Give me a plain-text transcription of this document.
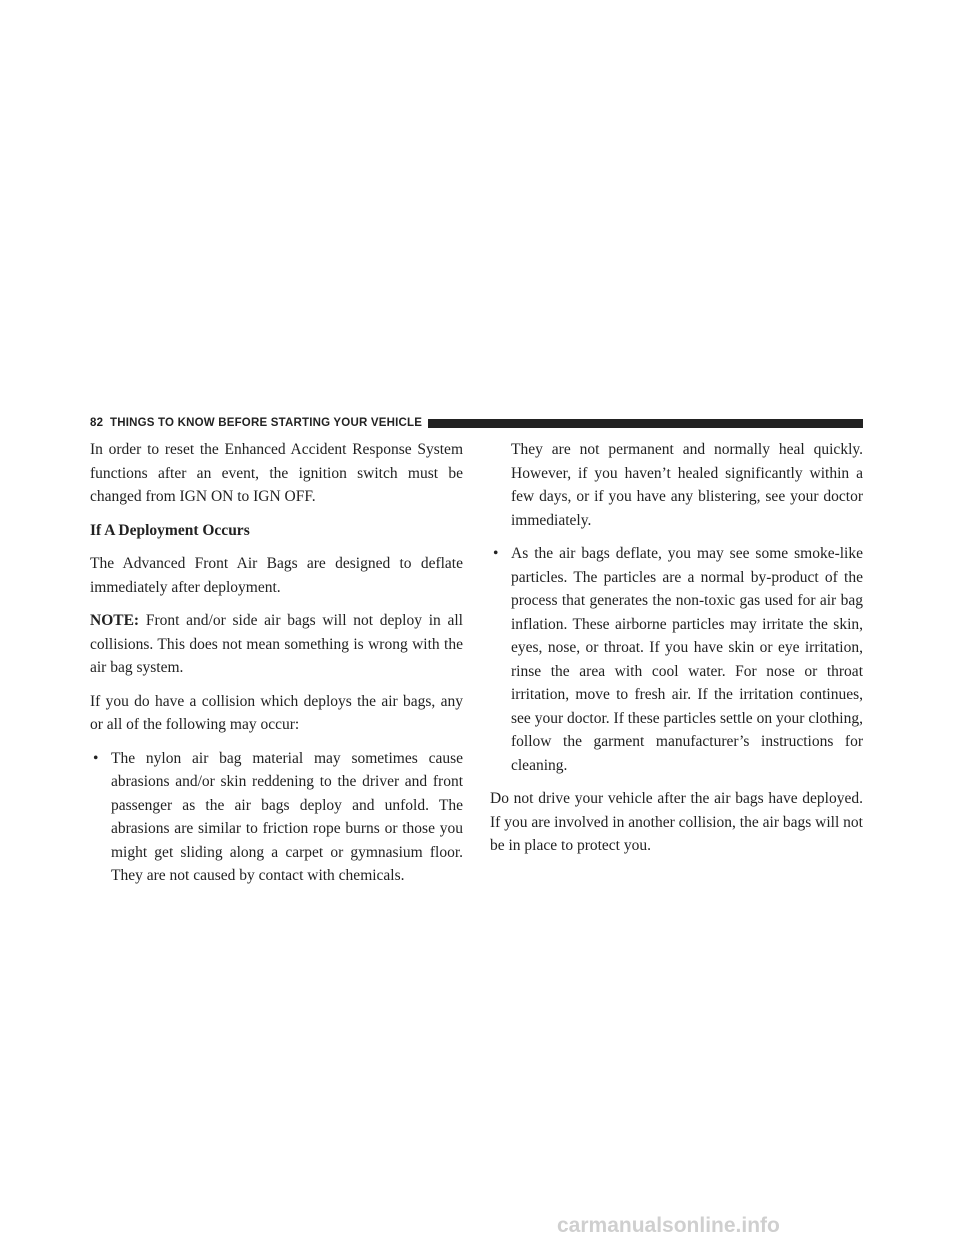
82 THINGS TO KNOW BEFORE STARTING YOUR VEHICLE

In order to reset the Enhanced Accident Response System functions after an event, the ignition switch must be changed from IGN ON to IGN OFF.

If A Deployment Occurs

The Advanced Front Air Bags are designed to deflate immediately after deployment.

NOTE: Front and/or side air bags will not deploy in all collisions. This does not mean something is wrong with the air bag system.

If you do have a collision which deploys the air bags, any or all of the following may occur:

• The nylon air bag material may sometimes cause abrasions and/or skin reddening to the driver and front passenger as the air bags deploy and unfold. The abrasions are similar to friction rope burns or those you might get sliding along a carpet or gymnasium floor. They are not caused by contact with chemicals.
They are not permanent and normally heal quickly. However, if you haven’t healed significantly within a few days, or if you have any blistering, see your doctor immediately.
• As the air bags deflate, you may see some smoke-like particles. The particles are a normal by-product of the process that generates the non-toxic gas used for air bag inflation. These airborne particles may irritate the skin, eyes, nose, or throat. If you have skin or eye irritation, rinse the area with cool water. For nose or throat irritation, move to fresh air. If the irritation continues, see your doctor. If these particles settle on your clothing, follow the garment manufacturer’s instructions for cleaning.

Do not drive your vehicle after the air bags have deployed. If you are involved in another collision, the air bags will not be in place to protect you.

carmanualsonline.info
